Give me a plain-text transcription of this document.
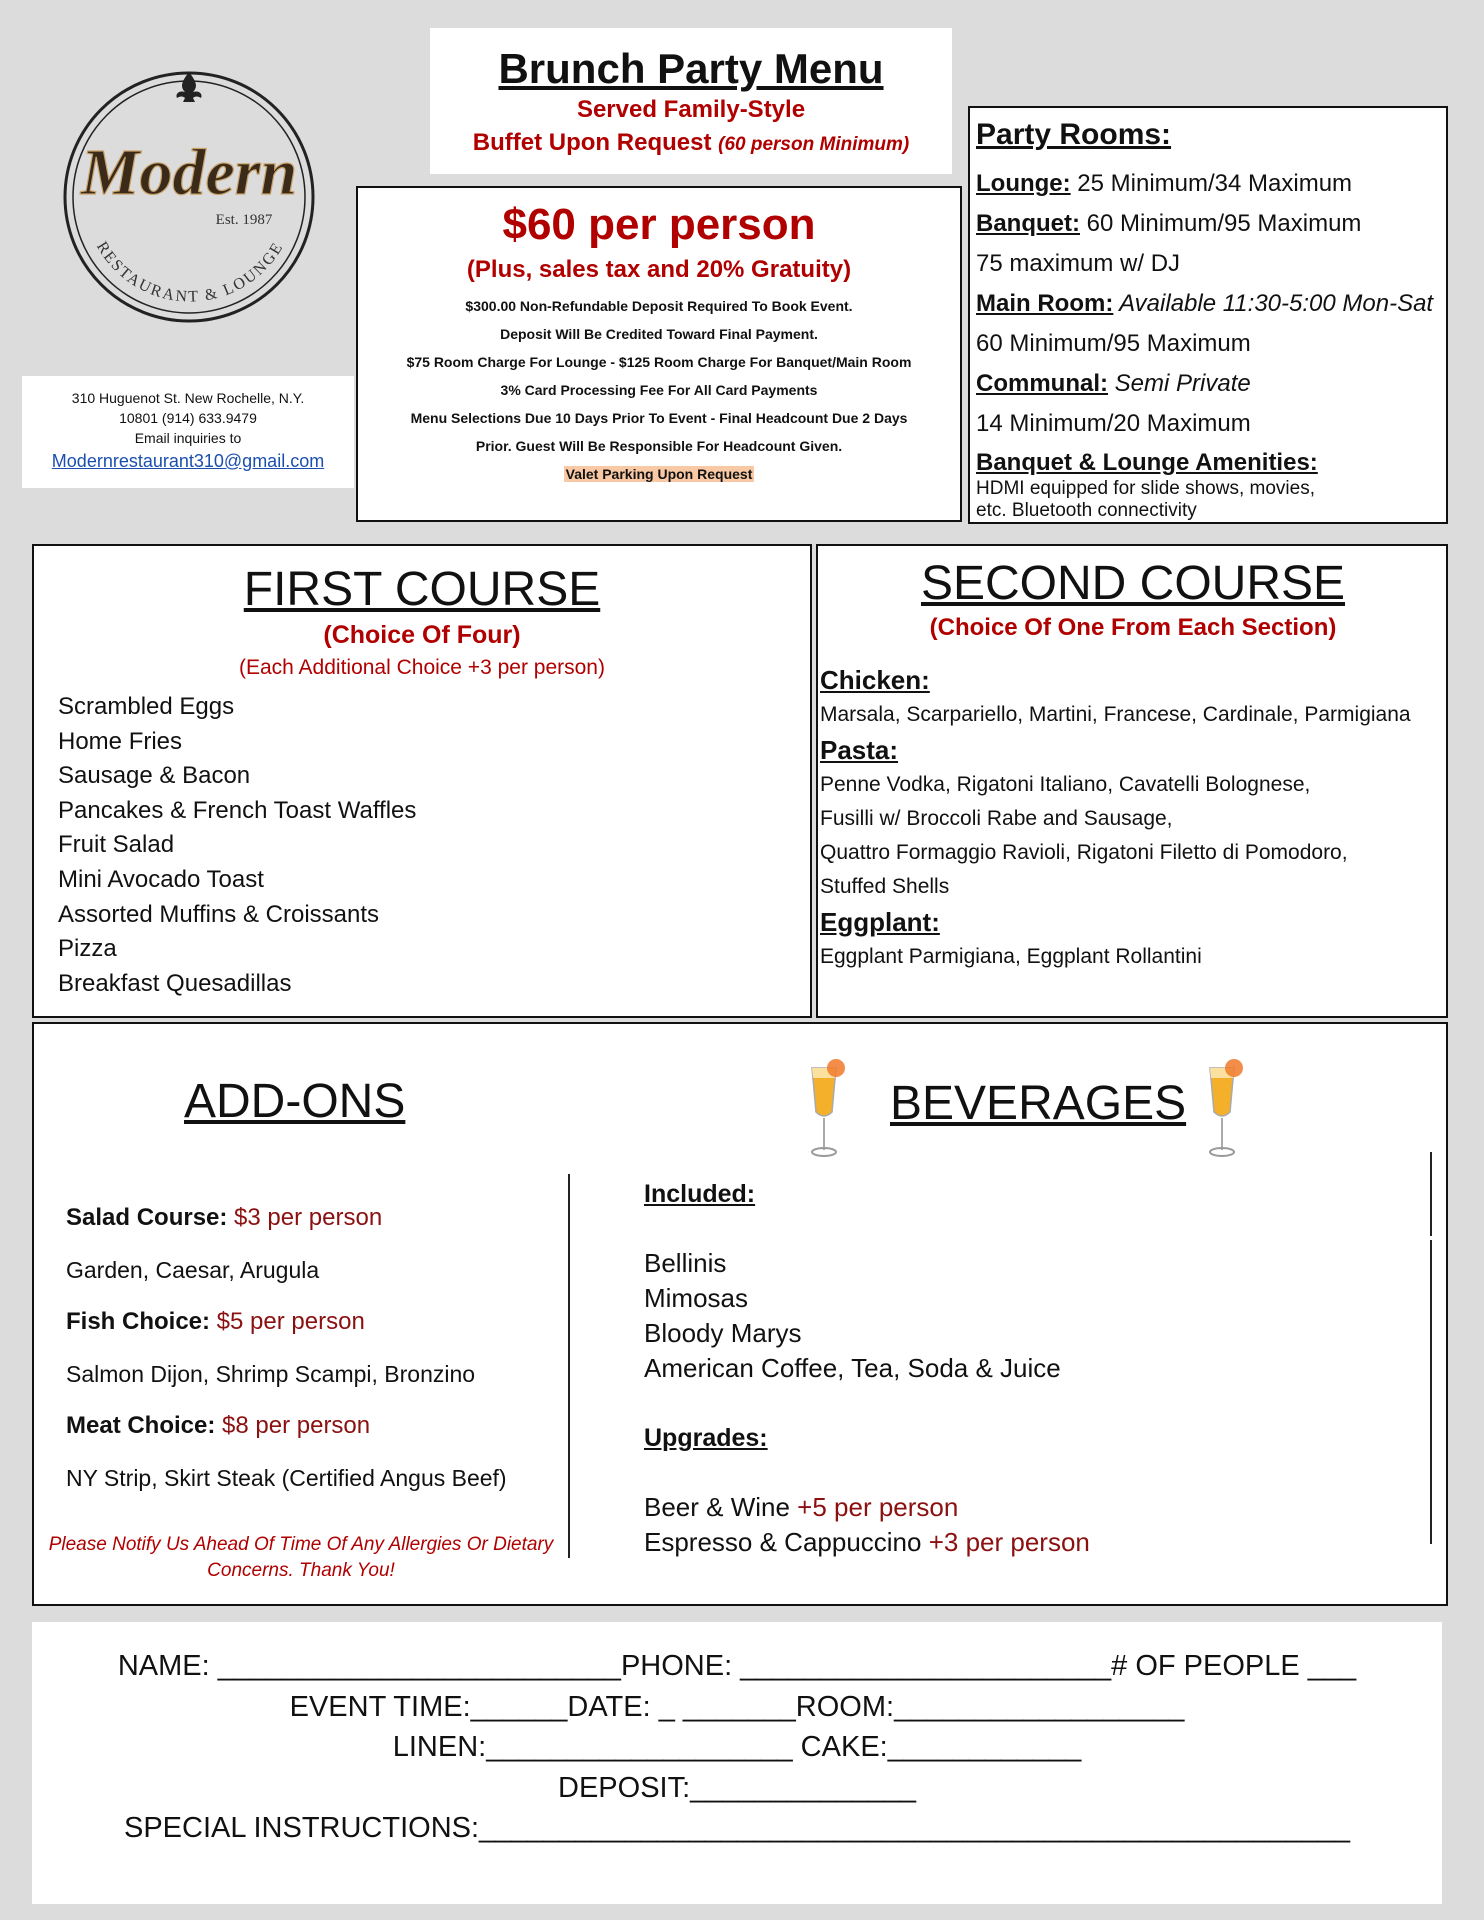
Modern
Est. 1987
RESTAURANT & LOUNGE
310 Huguenot St. New Rochelle, N.Y.
10801 (914) 633.9479
Email inquiries to
Modernrestaurant310@gmail.com
Brunch Party Menu
Served Family-Style
Buffet Upon Request (60 person Minimum)
$60 per person
(Plus, sales tax and 20% Gratuity)
$300.00 Non-Refundable Deposit Required To Book Event.
Deposit Will Be Credited Toward Final Payment.
$75 Room Charge For Lounge - $125 Room Charge For Banquet/Main Room
3% Card Processing Fee For All Card Payments
Menu Selections Due 10 Days Prior To Event - Final Headcount Due 2 Days
Prior. Guest Will Be Responsible For Headcount Given.
Valet Parking Upon Request
Party Rooms:
Lounge: 25 Minimum/34 Maximum
Banquet: 60 Minimum/95 Maximum
75 maximum w/ DJ
Main Room: Available 11:30-5:00 Mon-Sat
60 Minimum/95 Maximum
Communal: Semi Private
14 Minimum/20 Maximum
Banquet & Lounge Amenities:
HDMI equipped for slide shows, movies,
etc. Bluetooth connectivity
FIRST COURSE
(Choice Of Four)
(Each Additional Choice +3 per person)
Scrambled Eggs
Home Fries
Sausage & Bacon
Pancakes & French Toast Waffles
Fruit Salad
Mini Avocado Toast
Assorted Muffins & Croissants
Pizza
Breakfast Quesadillas
SECOND COURSE
(Choice Of One From Each Section)
Chicken:
Marsala, Scarpariello, Martini, Francese, Cardinale, Parmigiana
Pasta:
Penne Vodka, Rigatoni Italiano, Cavatelli Bolognese,
Fusilli w/ Broccoli Rabe and Sausage,
Quattro Formaggio Ravioli, Rigatoni Filetto di Pomodoro,
Stuffed Shells
Eggplant:
Eggplant Parmigiana, Eggplant Rollantini
ADD-ONS
Salad Course: $3 per person
Garden, Caesar, Arugula
Fish Choice: $5 per person
Salmon Dijon, Shrimp Scampi, Bronzino
Meat Choice: $8 per person
NY Strip, Skirt Steak (Certified Angus Beef)
Please Notify Us Ahead Of Time Of Any Allergies Or Dietary
Concerns. Thank You!
BEVERAGES
Included:
Bellinis
Mimosas
Bloody Marys
American Coffee, Tea, Soda & Juice
Upgrades:
Beer & Wine +5 per person
Espresso & Cappuccino +3 per person
NAME: _________________________PHONE: _______________________# OF PEOPLE ___
EVENT TIME:______DATE: _ _______ROOM:__________________
LINEN:___________________ CAKE:____________
DEPOSIT:______________
SPECIAL INSTRUCTIONS:______________________________________________________
